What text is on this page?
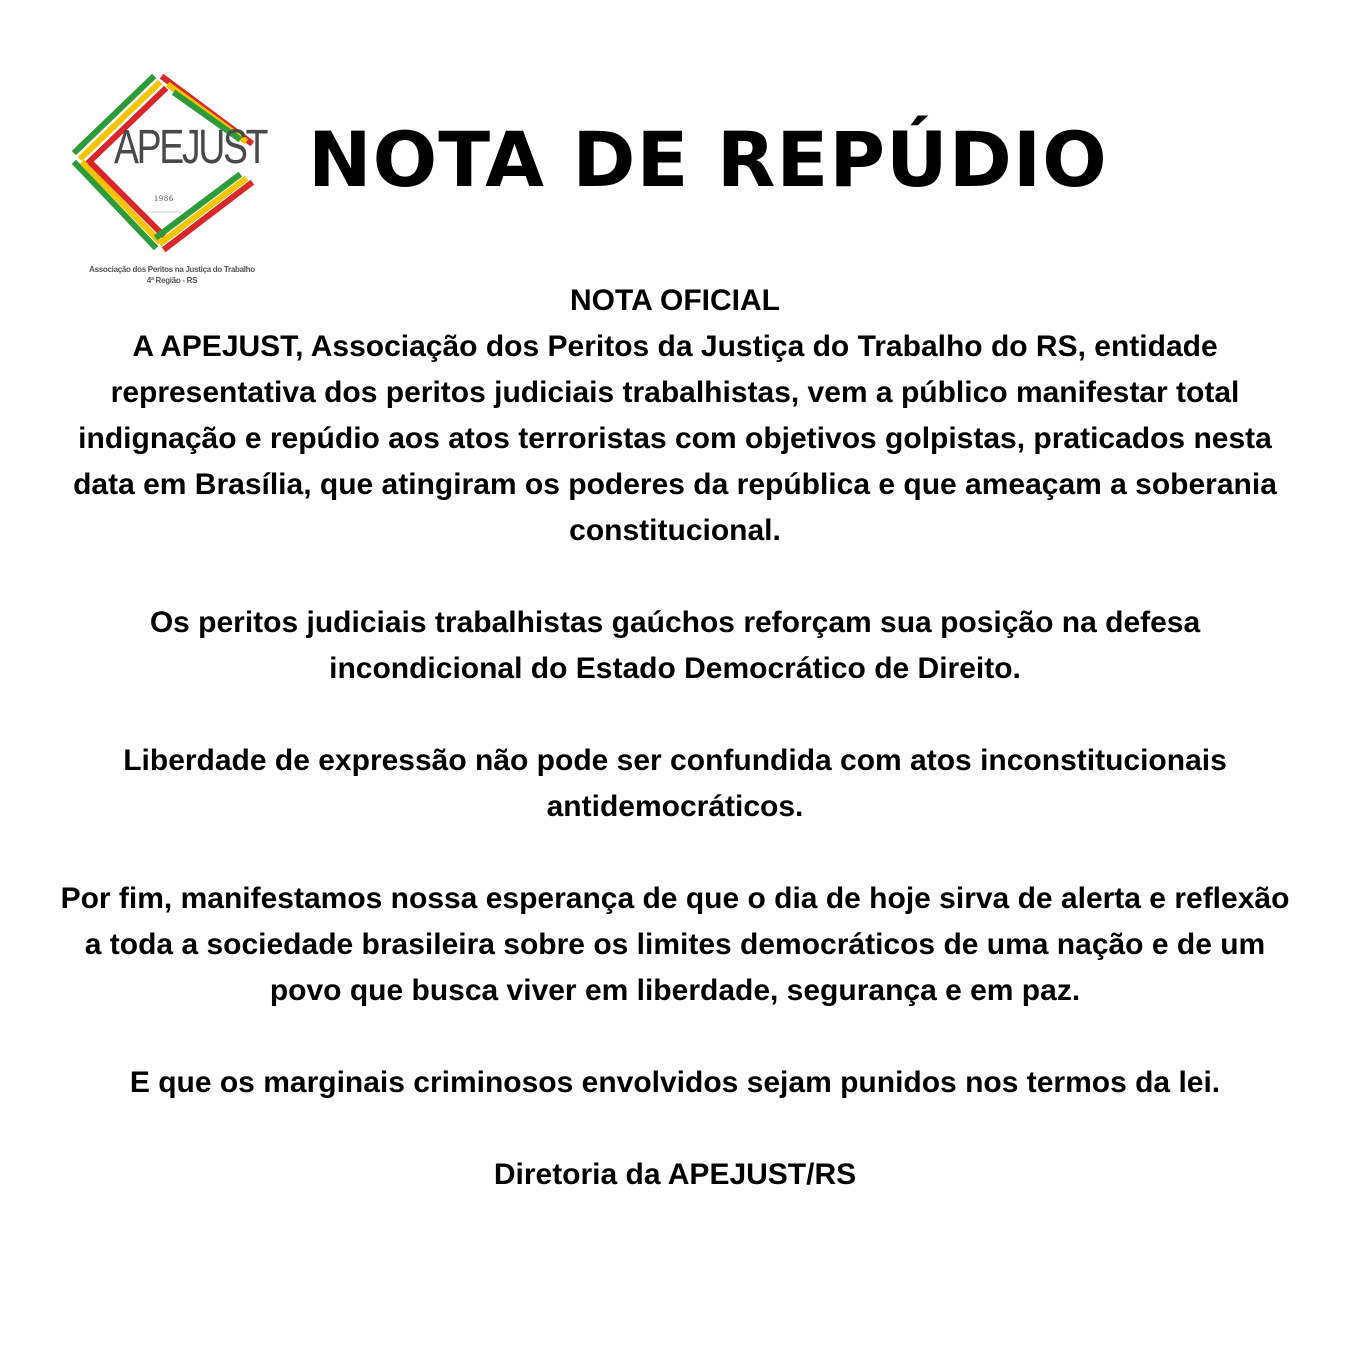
APEJUST
1986
Associação dos Peritos na Justiça do Trabalho
4ª Região - RS
NOTA DE REPÚDIO

NOTA OFICIAL

A APEJUST, Associação dos Peritos da Justiça do Trabalho do RS, entidade representativa dos peritos judiciais trabalhistas, vem a público manifestar total indignação e repúdio aos atos terroristas com objetivos golpistas, praticados nesta data em Brasília, que atingiram os poderes da república e que ameaçam a soberania constitucional.

Os peritos judiciais trabalhistas gaúchos reforçam sua posição na defesa incondicional do Estado Democrático de Direito.

Liberdade de expressão não pode ser confundida com atos inconstitucionais antidemocráticos.

Por fim, manifestamos nossa esperança de que o dia de hoje sirva de alerta e reflexão a toda a sociedade brasileira sobre os limites democráticos de uma nação e de um povo que busca viver em liberdade, segurança e em paz.

E que os marginais criminosos envolvidos sejam punidos nos termos da lei.

Diretoria da APEJUST/RS
